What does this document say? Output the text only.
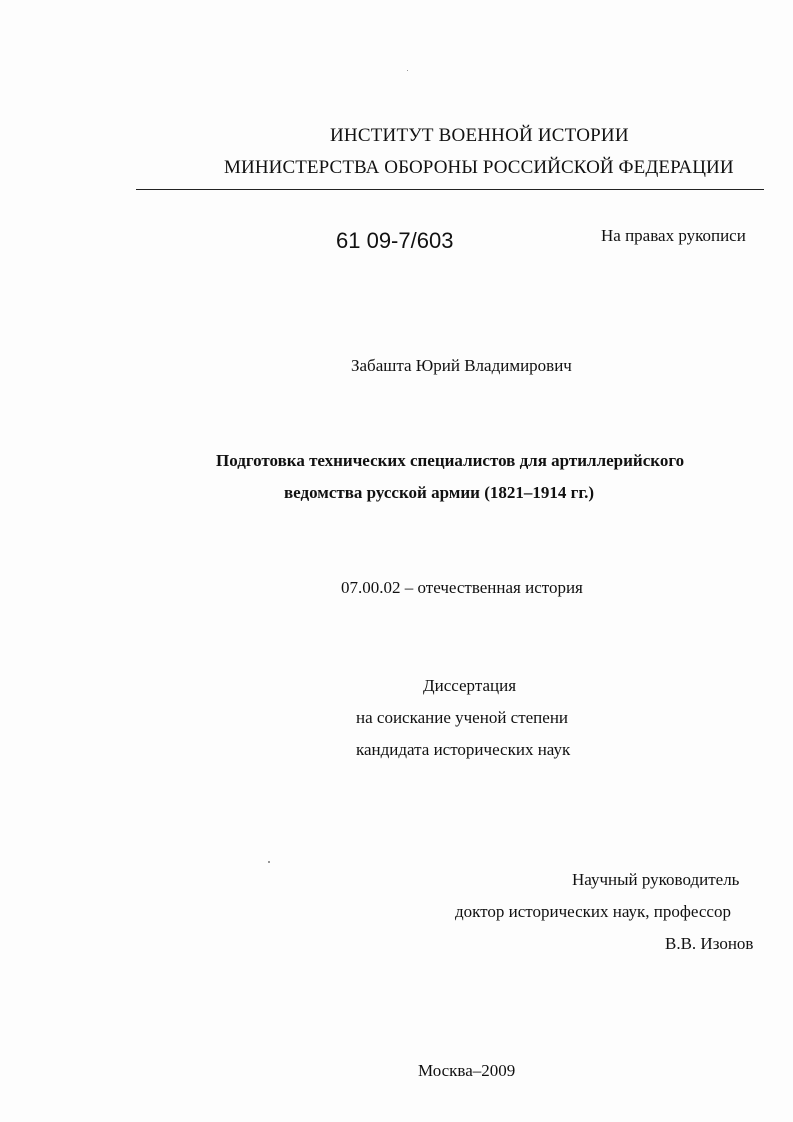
ИНСТИТУТ ВОЕННОЙ ИСТОРИИ
МИНИСТЕРСТВА ОБОРОНЫ РОССИЙСКОЙ ФЕДЕРАЦИИ
61 09-7/603	На правах рукописи
Забашта Юрий Владимирович
Подготовка технических специалистов для артиллерийского
ведомства русской армии (1821–1914 гг.)
07.00.02 – отечественная история
Диссертация
на соискание ученой степени
кандидата исторических наук
Научный руководитель
доктор исторических наук, профессор
В.В. Изонов
Москва–2009
